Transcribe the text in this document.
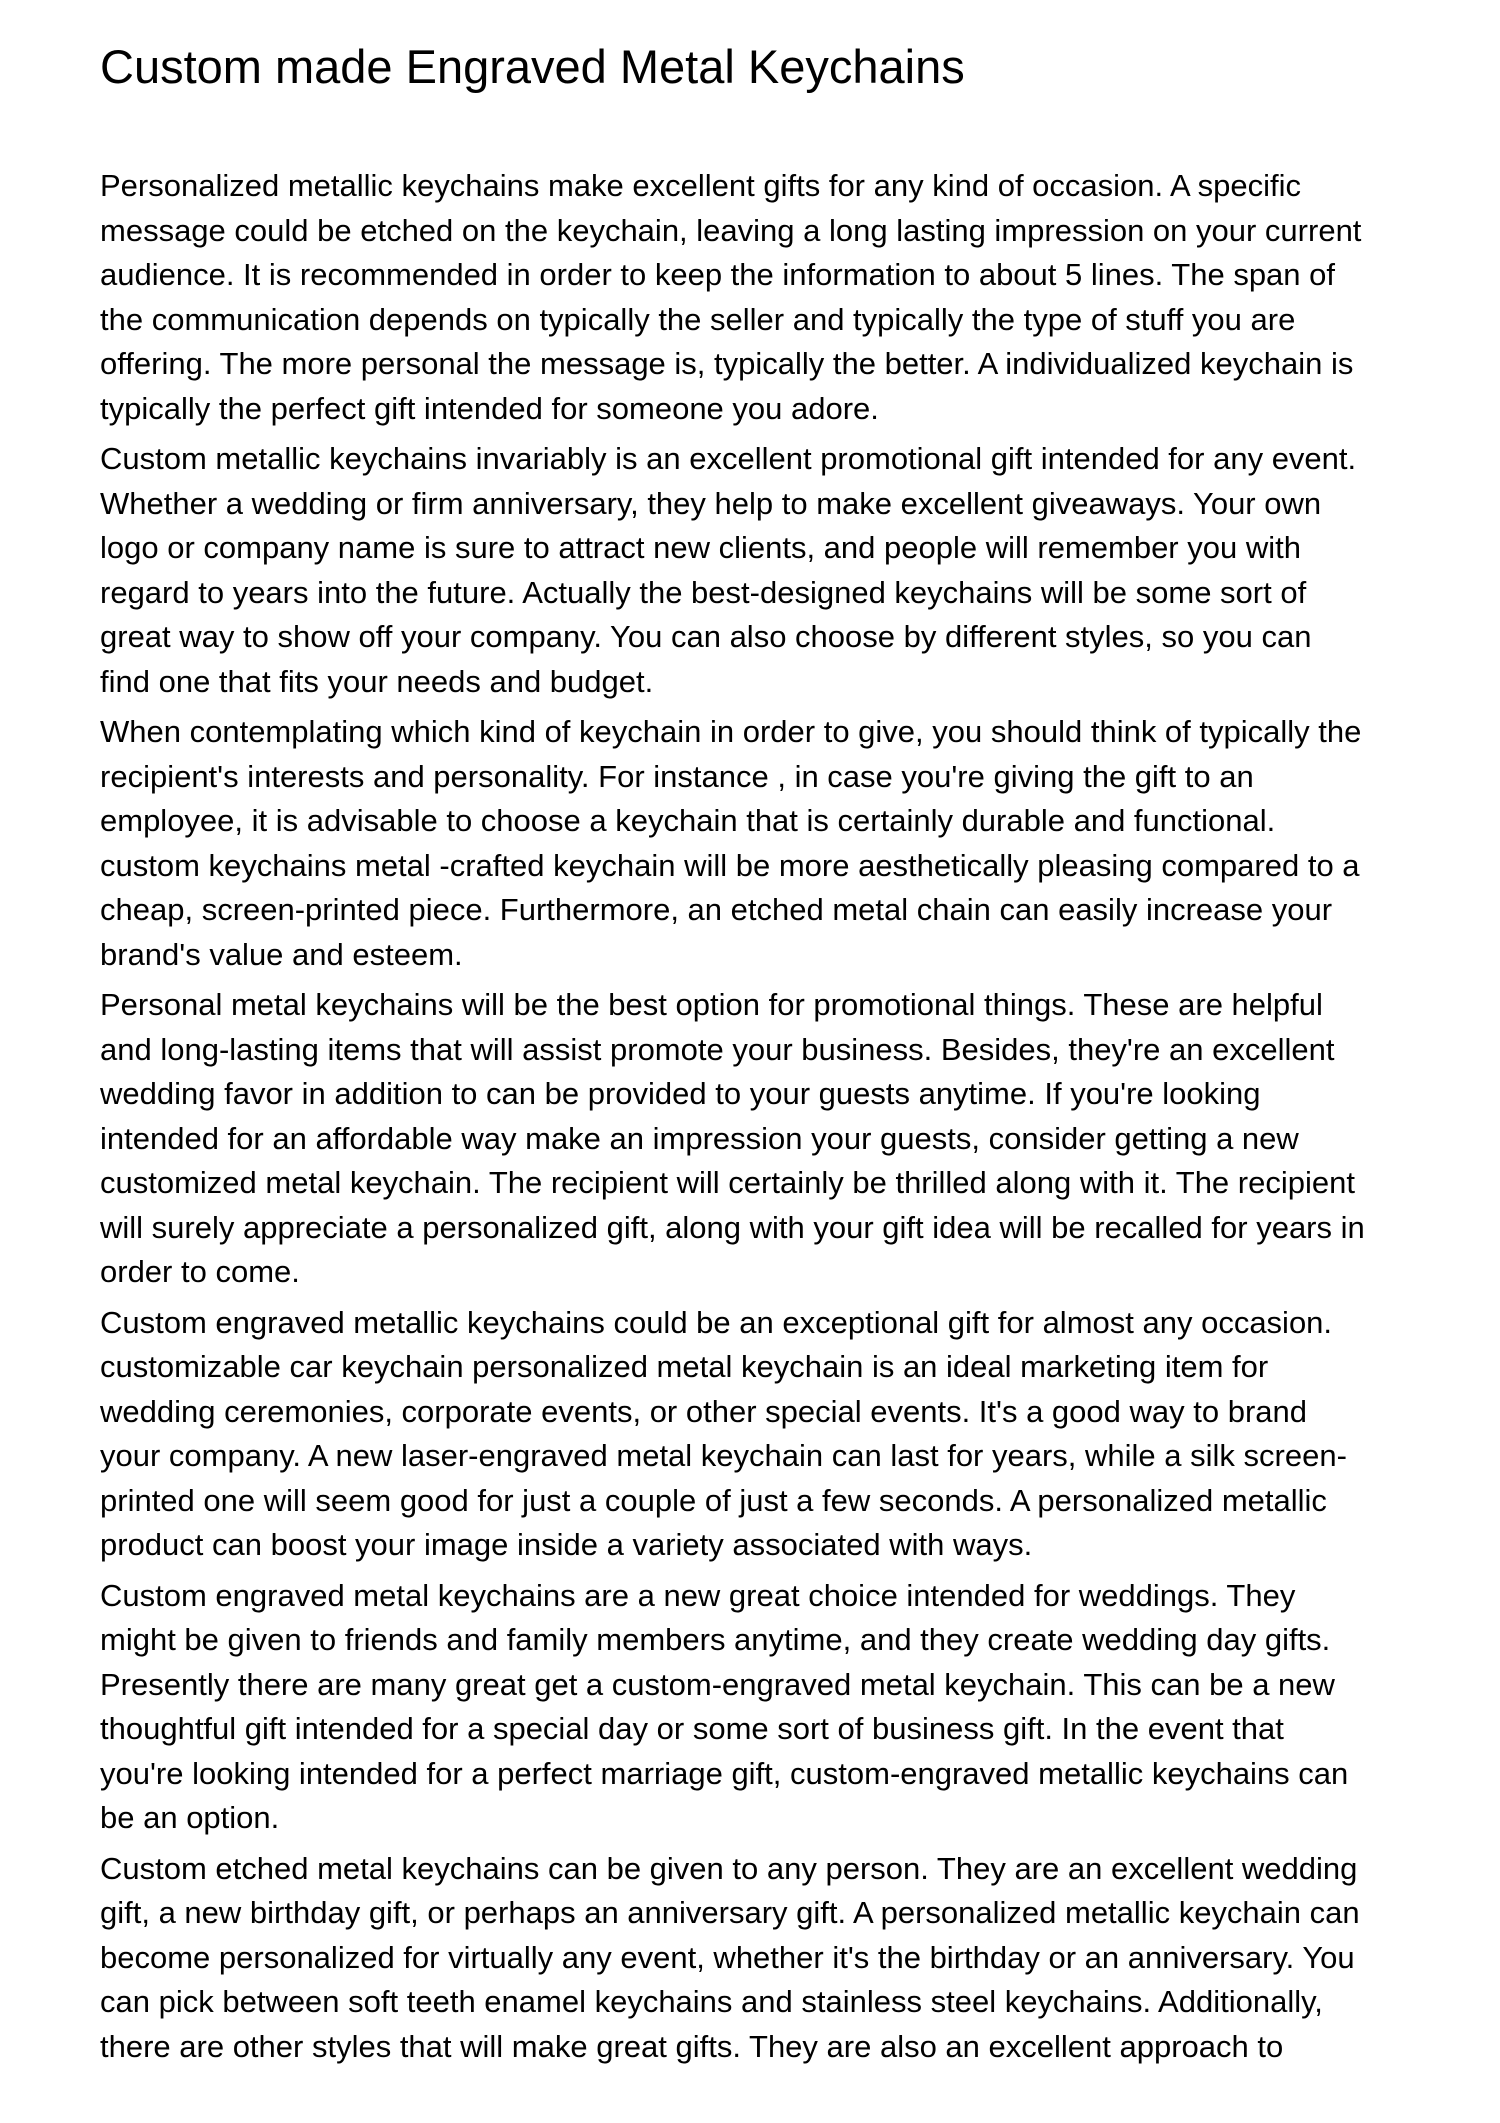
Custom made Engraved Metal Keychains

Personalized metallic keychains make excellent gifts for any kind of occasion. A specific message could be etched on the keychain, leaving a long lasting impression on your current audience. It is recommended in order to keep the information to about 5 lines. The span of the communication depends on typically the seller and typically the type of stuff you are offering. The more personal the message is, typically the better. A individualized keychain is typically the perfect gift intended for someone you adore.

Custom metallic keychains invariably is an excellent promotional gift intended for any event. Whether a wedding or firm anniversary, they help to make excellent giveaways. Your own logo or company name is sure to attract new clients, and people will remember you with regard to years into the future. Actually the best-designed keychains will be some sort of great way to show off your company. You can also choose by different styles, so you can find one that fits your needs and budget.

When contemplating which kind of keychain in order to give, you should think of typically the recipient's interests and personality. For instance , in case you're giving the gift to an employee, it is advisable to choose a keychain that is certainly durable and functional. custom keychains metal -crafted keychain will be more aesthetically pleasing compared to a cheap, screen-printed piece. Furthermore, an etched metal chain can easily increase your brand's value and esteem.

Personal metal keychains will be the best option for promotional things. These are helpful and long-lasting items that will assist promote your business. Besides, they're an excellent wedding favor in addition to can be provided to your guests anytime. If you're looking intended for an affordable way make an impression your guests, consider getting a new customized metal keychain. The recipient will certainly be thrilled along with it. The recipient will surely appreciate a personalized gift, along with your gift idea will be recalled for years in order to come.

Custom engraved metallic keychains could be an exceptional gift for almost any occasion. customizable car keychain personalized metal keychain is an ideal marketing item for wedding ceremonies, corporate events, or other special events. It's a good way to brand your company. A new laser-engraved metal keychain can last for years, while a silk screen-printed one will seem good for just a couple of just a few seconds. A personalized metallic product can boost your image inside a variety associated with ways.

Custom engraved metal keychains are a new great choice intended for weddings. They might be given to friends and family members anytime, and they create wedding day gifts. Presently there are many great get a custom-engraved metal keychain. This can be a new thoughtful gift intended for a special day or some sort of business gift. In the event that you're looking intended for a perfect marriage gift, custom-engraved metallic keychains can be an option.

Custom etched metal keychains can be given to any person. They are an excellent wedding gift, a new birthday gift, or perhaps an anniversary gift. A personalized metallic keychain can become personalized for virtually any event, whether it's the birthday or an anniversary. You can pick between soft teeth enamel keychains and stainless steel keychains. Additionally, there are other styles that will make great gifts. They are also an excellent approach to
